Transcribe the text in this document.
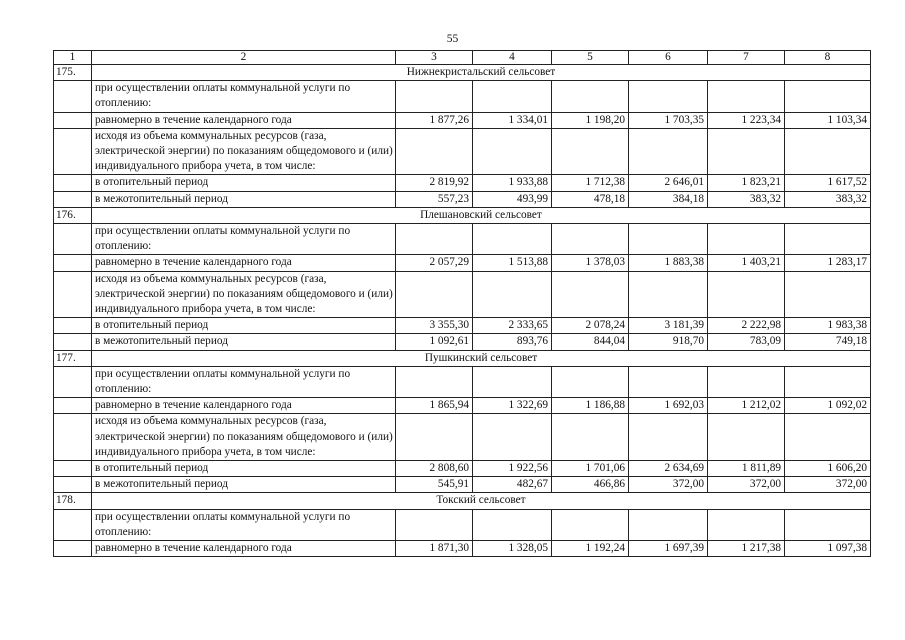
55
1	2	3	4	5	6	7	8
175.	Нижнекристальский сельсовет						
	при осуществлении оплаты коммунальной услуги по отоплению:						
	равномерно в течение календарного года	1 877,26	1 334,01	1 198,20	1 703,35	1 223,34	1 103,34
	исходя из объема коммунальных ресурсов (газа, электрической энергии) по показаниям общедомового и (или) индивидуального прибора учета, в том числе:						
	в отопительный период	2 819,92	1 933,88	1 712,38	2 646,01	1 823,21	1 617,52
	в межотопительный период	557,23	493,99	478,18	384,18	383,32	383,32
176.	Плешановский сельсовет						
	при осуществлении оплаты коммунальной услуги по отоплению:						
	равномерно в течение календарного года	2 057,29	1 513,88	1 378,03	1 883,38	1 403,21	1 283,17
	исходя из объема коммунальных ресурсов (газа, электрической энергии) по показаниям общедомового и (или) индивидуального прибора учета, в том числе:						
	в отопительный период	3 355,30	2 333,65	2 078,24	3 181,39	2 222,98	1 983,38
	в межотопительный период	1 092,61	893,76	844,04	918,70	783,09	749,18
177.	Пушкинский сельсовет						
	при осуществлении оплаты коммунальной услуги по отоплению:						
	равномерно в течение календарного года	1 865,94	1 322,69	1 186,88	1 692,03	1 212,02	1 092,02
	исходя из объема коммунальных ресурсов (газа, электрической энергии) по показаниям общедомового и (или) индивидуального прибора учета, в том числе:						
	в отопительный период	2 808,60	1 922,56	1 701,06	2 634,69	1 811,89	1 606,20
	в межотопительный период	545,91	482,67	466,86	372,00	372,00	372,00
178.	Токский сельсовет						
	при осуществлении оплаты коммунальной услуги по отоплению:						
	равномерно в течение календарного года	1 871,30	1 328,05	1 192,24	1 697,39	1 217,38	1 097,38
